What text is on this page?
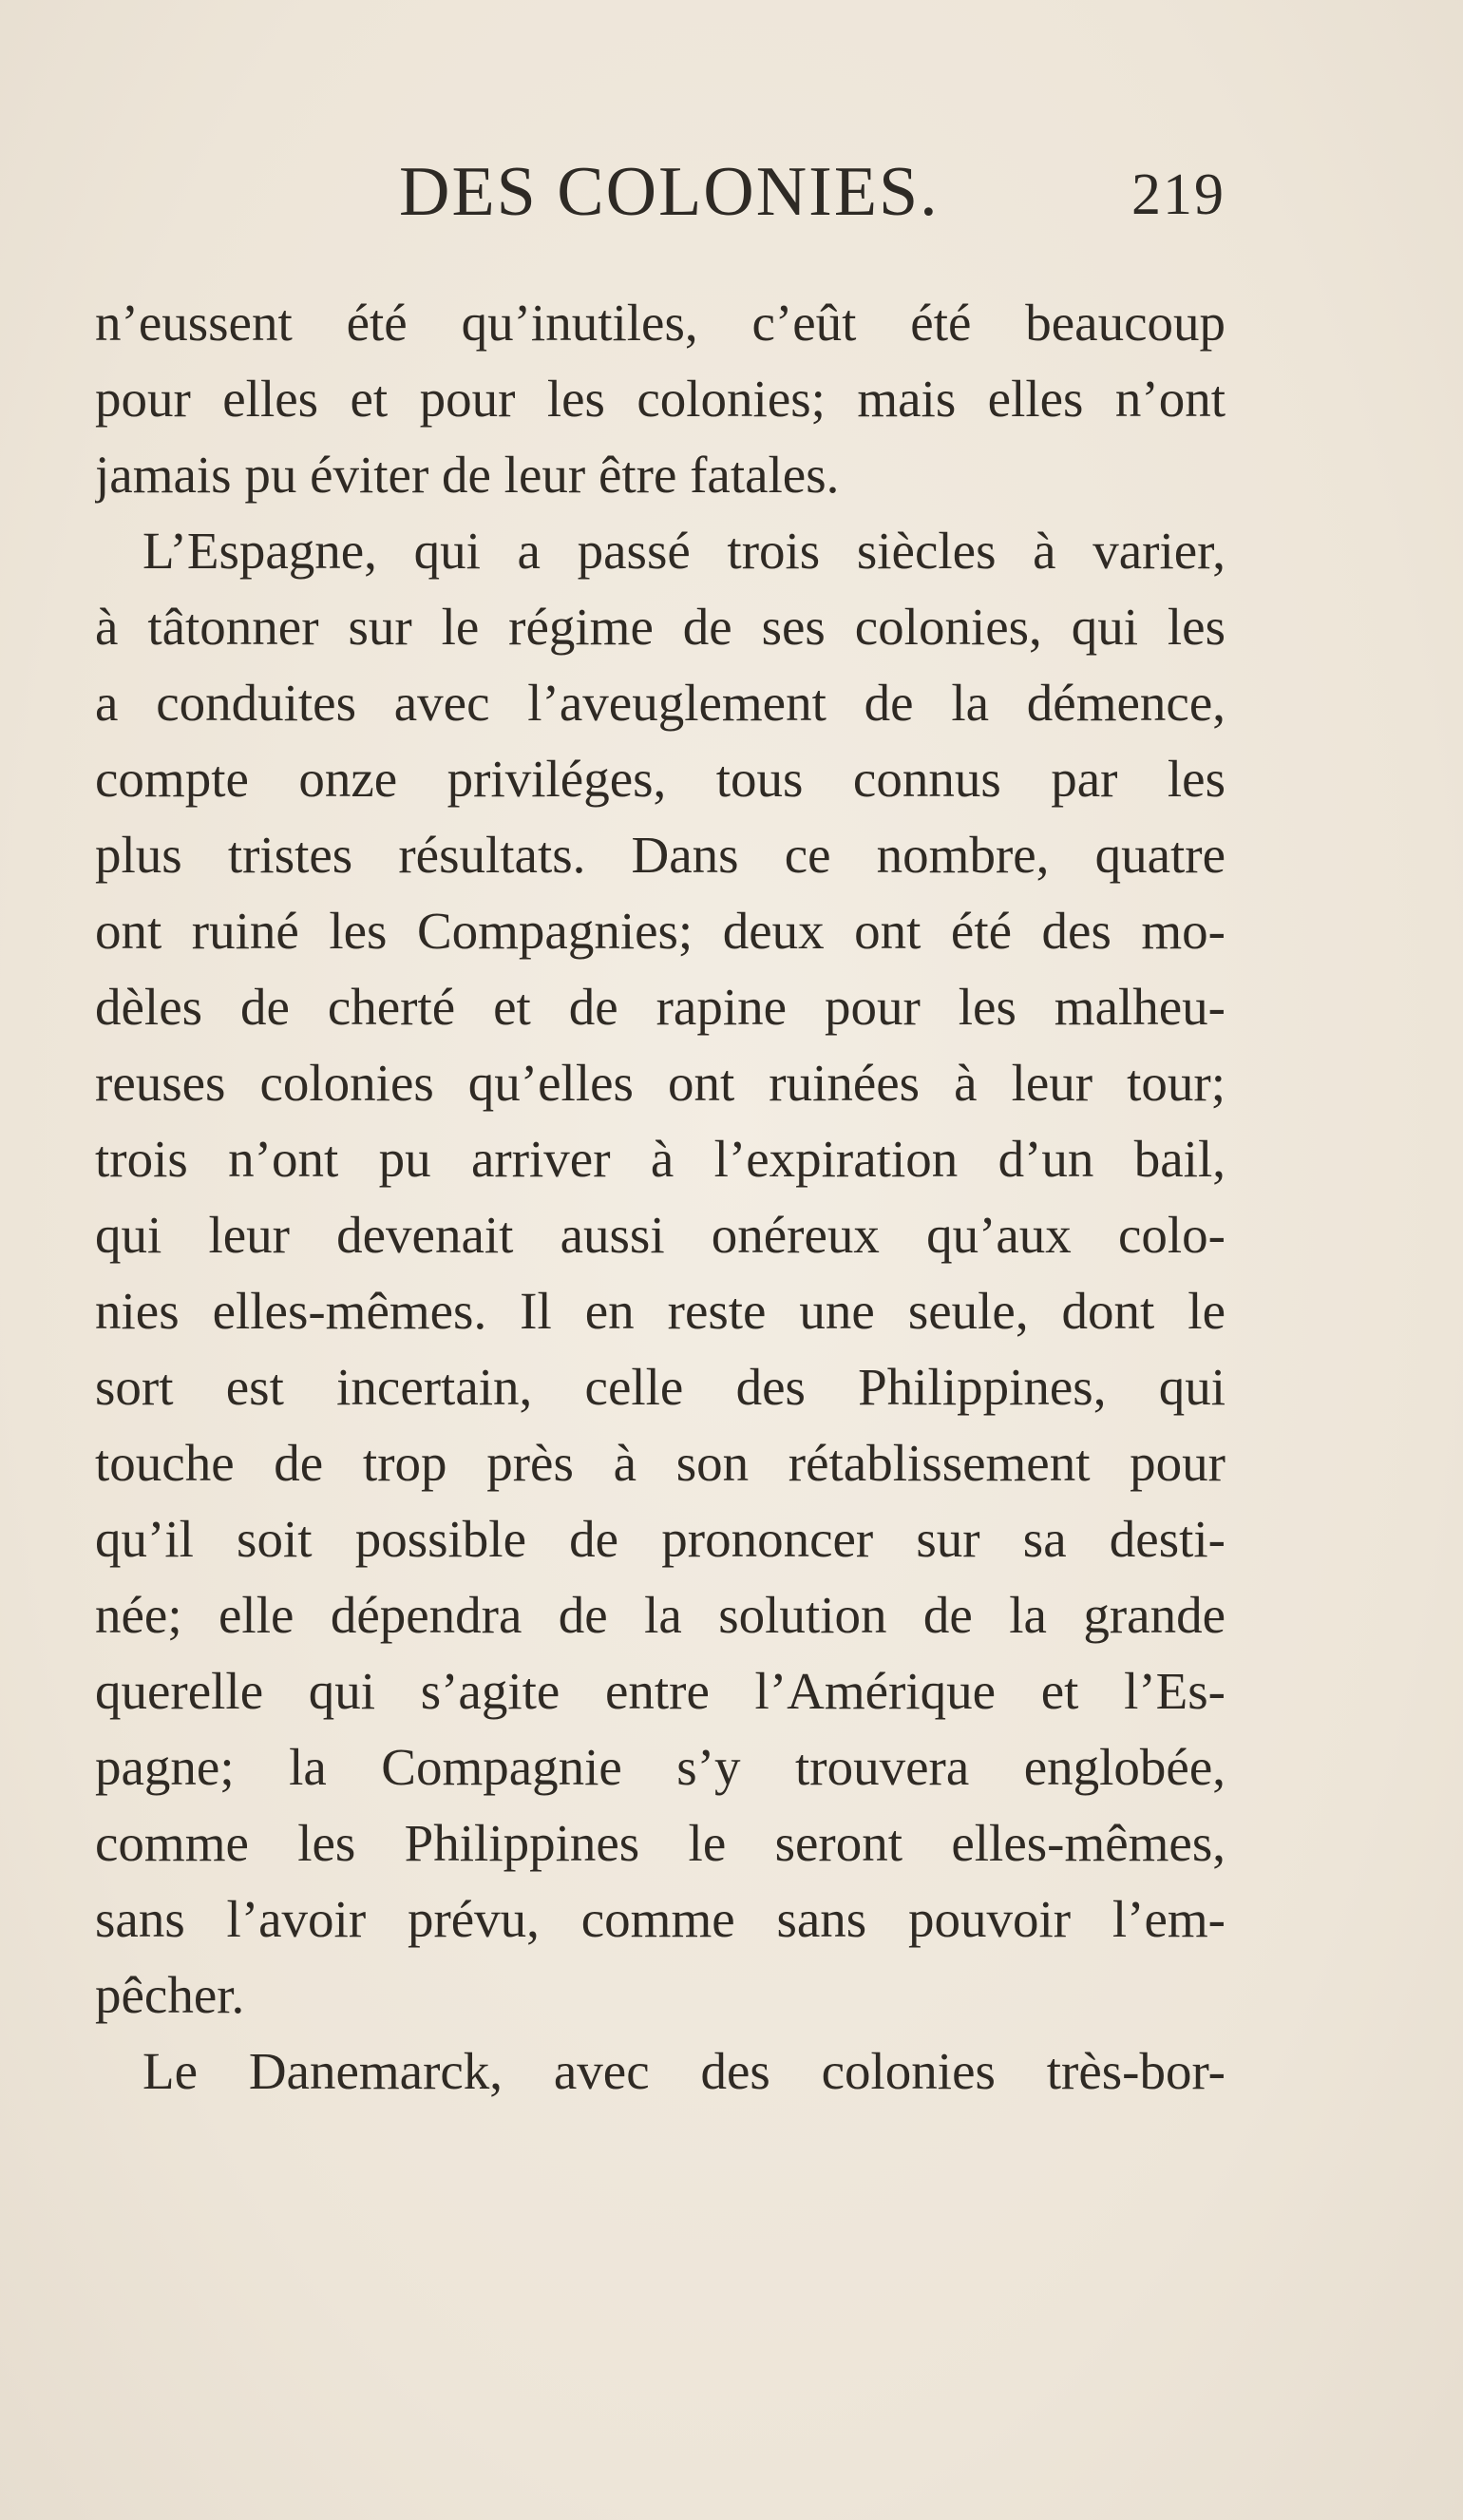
DES COLONIES.	219
n’eussent été qu’inutiles, c’eût été beaucoup
pour elles et pour les colonies; mais elles n’ont
jamais pu éviter de leur être fatales.
L’Espagne, qui a passé trois siècles à varier,
à tâtonner sur le régime de ses colonies, qui les
a conduites avec l’aveuglement de la démence,
compte onze priviléges, tous connus par les
plus tristes résultats. Dans ce nombre, quatre
ont ruiné les Compagnies; deux ont été des mo-
dèles de cherté et de rapine pour les malheu-
reuses colonies qu’elles ont ruinées à leur tour;
trois n’ont pu arriver à l’expiration d’un bail,
qui leur devenait aussi onéreux qu’aux colo-
nies elles-mêmes. Il en reste une seule, dont le
sort est incertain, celle des Philippines, qui
touche de trop près à son rétablissement pour
qu’il soit possible de prononcer sur sa desti-
née; elle dépendra de la solution de la grande
querelle qui s’agite entre l’Amérique et l’Es-
pagne; la Compagnie s’y trouvera englobée,
comme les Philippines le seront elles-mêmes,
sans l’avoir prévu, comme sans pouvoir l’em-
pêcher.
Le Danemarck, avec des colonies très-bor-
